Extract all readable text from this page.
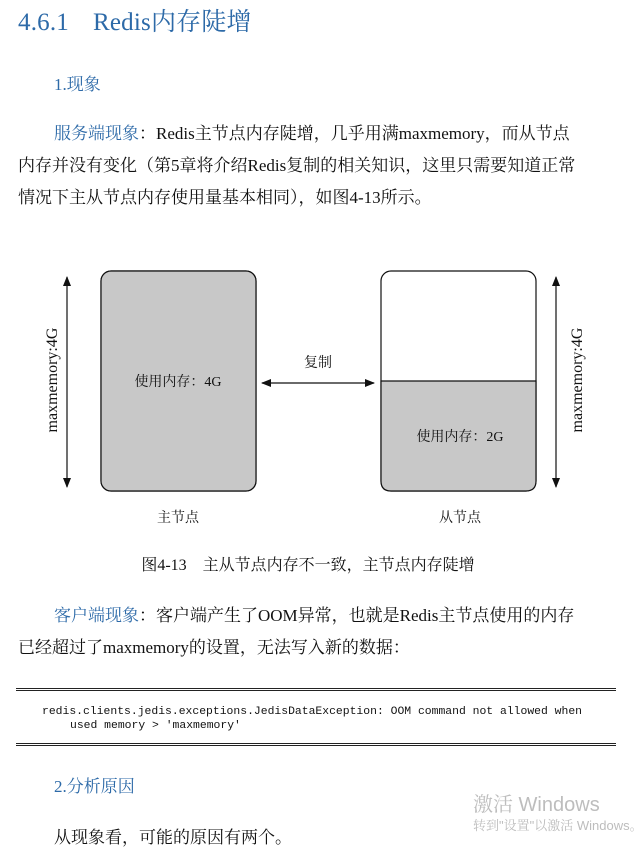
4.6.1 Redis内存陡增
1.现象
服务端现象：Redis主节点内存陡增，几乎用满maxmemory，而从节点
内存并没有变化（第5章将介绍Redis复制的相关知识，这里只需要知道正常
情况下主从节点内存使用量基本相同），如图4-13所示。
maxmemory:4G	使用内存：4G
复制
使用内存：2G
maxmemory:4G
主节点	从节点
图4-13　主从节点内存不一致，主节点内存陡增
客户端现象：客户端产生了OOM异常，也就是Redis主节点使用的内存
已经超过了maxmemory的设置，无法写入新的数据：
redis.clients.jedis.exceptions.JedisDataException: OOM command not allowed when
used memory > 'maxmemory'
2.分析原因
从现象看，可能的原因有两个。
激活 Windows
转到"设置"以激活 Windows。
